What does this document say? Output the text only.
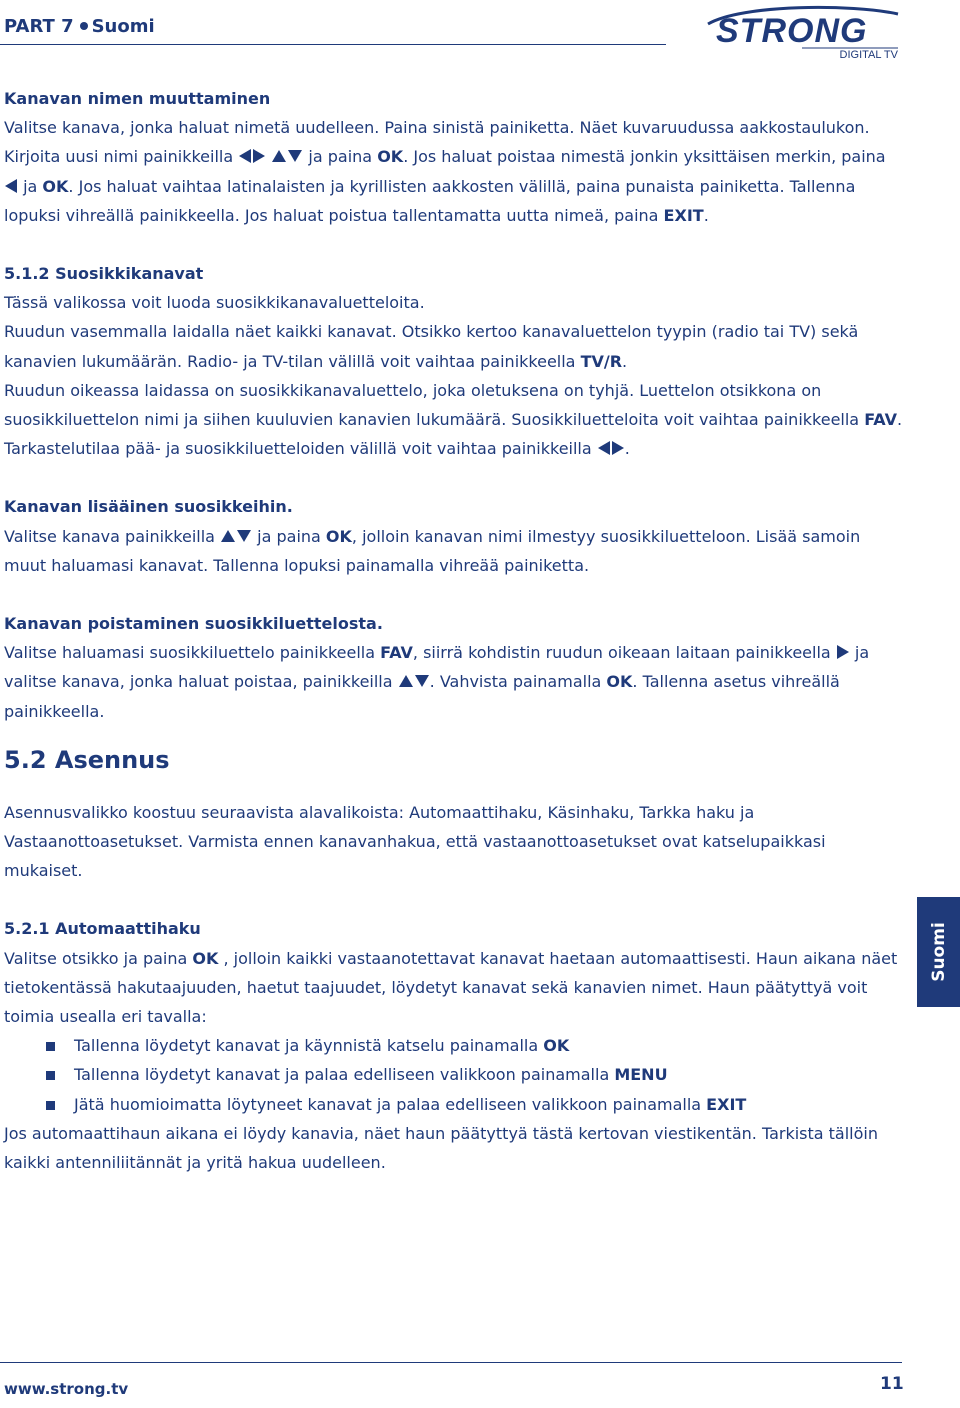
PART 7 Suomi	STRONG
DIGITAL TV
Kanavan nimen muuttaminen

Valitse kanava, jonka haluat nimetä uudelleen. Paina sinistä painiketta. Näet kuvaruudussa aakkostaulukon. Kirjoita uusi nimi painikkeilla	ja paina OK. Jos haluat poistaa nimestä jonkin yksittäisen merkin, paina  ja OK. Jos haluat vaihtaa latinalaisten ja kyrillisten aakkosten välillä, paina punaista painiketta. Tallenna lopuksi vihreällä painikkeella. Jos haluat poistua tallentamatta uutta nimeä, paina EXIT.

5.1.2 Suosikkikanavat

Tässä valikossa voit luoda suosikkikanavaluetteloita.

Ruudun vasemmalla laidalla näet kaikki kanavat. Otsikko kertoo kanavaluettelon tyypin (radio tai TV) sekä kanavien lukumäärän. Radio- ja TV-tilan välillä voit vaihtaa painikkeella TV/R.

Ruudun oikeassa laidassa on suosikkikanavaluettelo, joka oletuksena on tyhjä. Luettelon otsikkona on suosikkiluettelon nimi ja siihen kuuluvien kanavien lukumäärä. Suosikkiluetteloita voit vaihtaa painikkeella FAV.

Tarkastelutilaa pää- ja suosikkiluetteloiden välillä voit vaihtaa painikkeilla .

Kanavan lisääinen suosikkeihin.

Valitse kanava painikkeilla  ja paina OK, jolloin kanavan nimi ilmestyy suosikkiluetteloon. Lisää samoin muut haluamasi kanavat. Tallenna lopuksi painamalla vihreää painiketta.

Kanavan poistaminen suosikkiluettelosta.

Valitse haluamasi suosikkiluettelo painikkeella FAV, siirrä kohdistin ruudun oikeaan laitaan painikkeella  ja valitse kanava, jonka haluat poistaa, painikkeilla . Vahvista painamalla OK. Tallenna asetus vihreällä painikkeella.

5.2 Asennus

Asennusvalikko koostuu seuraavista alavalikoista: Automaattihaku, Käsinhaku, Tarkka haku ja Vastaanottoasetukset. Varmista ennen kanavanhakua, että vastaanottoasetukset ovat katselupaikkasi mukaiset.

5.2.1 Automaattihaku

Valitse otsikko ja paina OK , jolloin kaikki vastaanotettavat kanavat haetaan automaattisesti. Haun aikana näet tietokentässä hakutaajuuden, haetut taajuudet, löydetyt kanavat sekä kanavien nimet. Haun päätyttyä voit toimia usealla eri tavalla:

Tallenna löydetyt kanavat ja käynnistä katselu painamalla OK
Tallenna löydetyt kanavat ja palaa edelliseen valikkoon painamalla MENU
Jätä huomioimatta löytyneet kanavat ja palaa edelliseen valikkoon painamalla EXIT

Jos automaattihaun aikana ei löydy kanavia, näet haun päätyttyä tästä kertovan viestikentän. Tarkista tällöin kaikki antenniliitännät ja yritä hakua uudelleen.

Suomi
www.strong.tv	11
